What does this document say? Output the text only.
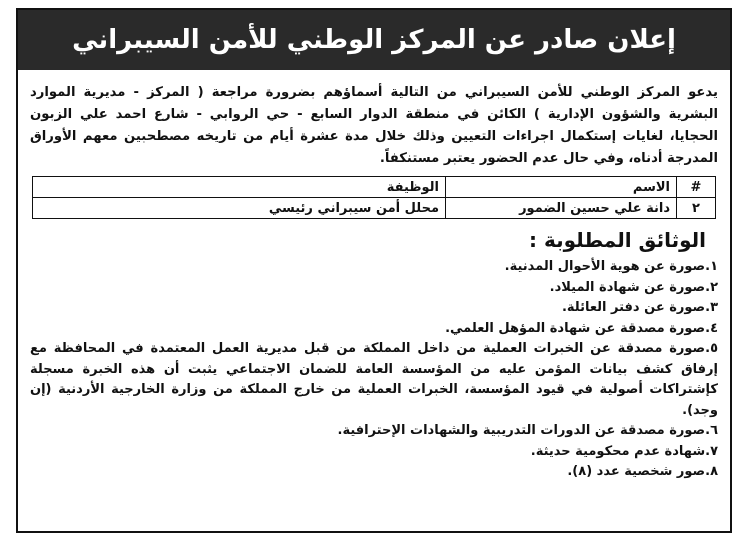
إعلان صادر عن المركز الوطني للأمن السيبراني

يدعو المركز الوطني للأمن السيبراني من التالية أسماؤهم بضرورة مراجعة ( المركز - مديرية الموارد البشرية والشؤون الإدارية ) الكائن في منطقة الدوار السابع - حي الروابي - شارع احمد علي الزبون الحجايا، لغايات إستكمال اجراءات التعيين وذلك خلال مدة عشرة أيام من تاريخه مصطحبين معهم الأوراق المدرجة أدناه، وفي حال عدم الحضور يعتبر مستنكفاً.

#	الاسم	الوظيفة
٢	دانة علي حسين الضمور	محلل أمن سيبراني رئيسي
الوثائق المطلوبة :
١.صورة عن هوية الأحوال المدنية.
٢.صورة عن شهادة الميلاد.
٣.صورة عن دفتر العائلة.
٤.صورة مصدقة عن شهادة المؤهل العلمي.
٥.صورة مصدقة عن الخبرات العملية من داخل المملكة من قبل مديرية العمل المعتمدة في المحافظة مع إرفاق كشف بيانات المؤمن عليه من المؤسسة العامة للضمان الاجتماعي يثبت أن هذه الخبرة مسجلة كإشتراكات أصولية في قيود المؤسسة، الخبرات العملية من خارج المملكة من وزارة الخارجية الأردنية (إن وجد).
٦.صورة مصدقة عن الدورات التدريبية والشهادات الإحترافية.
٧.شهادة عدم محكومية حديثة.
٨.صور شخصية عدد (٨).
